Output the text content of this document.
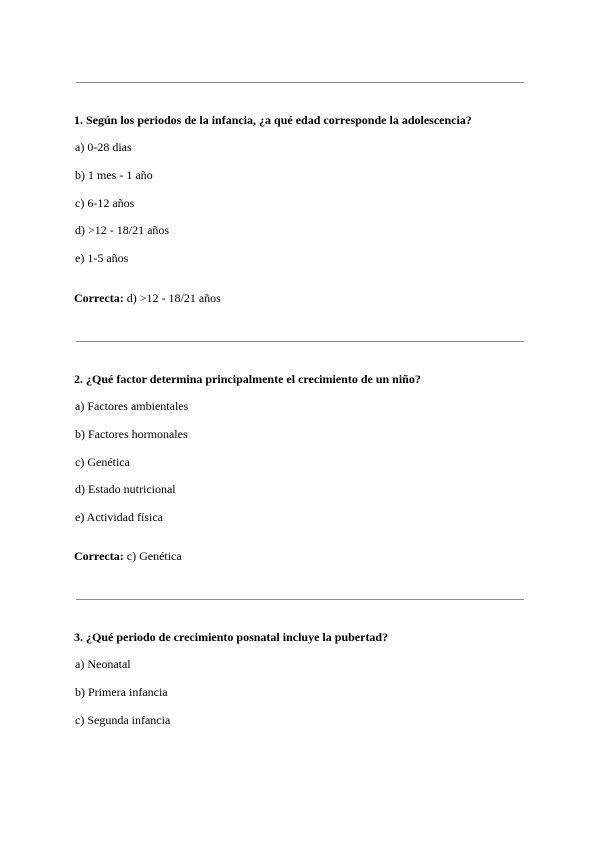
1. Según los periodos de la infancia, ¿a qué edad corresponde la adolescencia?
a) 0-28 dias
b) 1 mes - 1 año
c) 6-12 años
d) >12 - 18/21 años
e) 1-5 años
Correcta: d) >12 - 18/21 años
2. ¿Qué factor determina principalmente el crecimiento de un niño?
a) Factores ambientales
b) Factores hormonales
c) Genética
d) Estado nutricional
e) Actividad física
Correcta: c) Genética
3. ¿Qué periodo de crecimiento posnatal incluye la pubertad?
a) Neonatal
b) Primera infancia
c) Segunda infancia
